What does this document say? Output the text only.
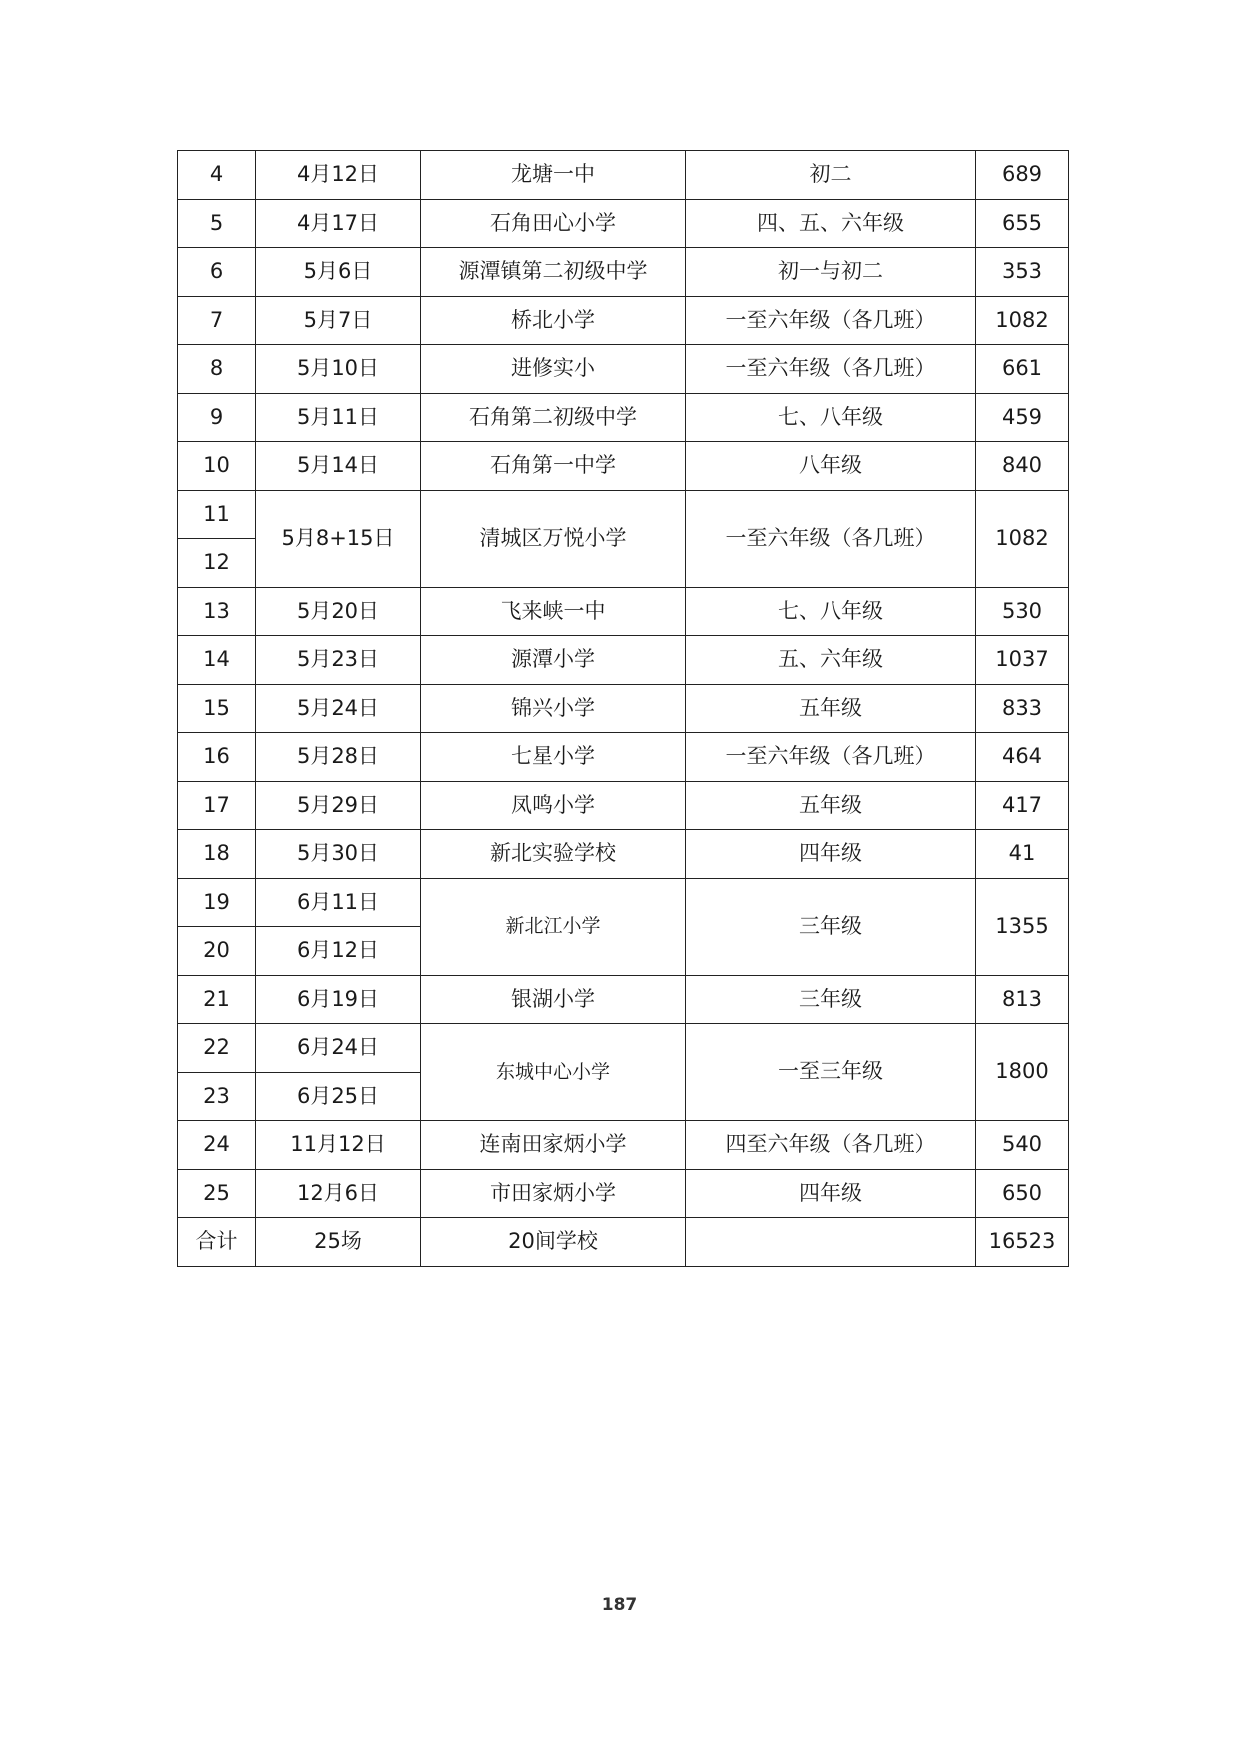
4	4月12日	龙塘一中	初二	689
5	4月17日	石角田心小学	四、五、六年级	655
6	5月6日	源潭镇第二初级中学	初一与初二	353
7	5月7日	桥北小学	一至六年级（各几班）	1082
8	5月10日	进修实小	一至六年级（各几班）	661
9	5月11日	石角第二初级中学	七、八年级	459
10	5月14日	石角第一中学	八年级	840
11	5月8+15日	清城区万悦小学	一至六年级（各几班）	1082
12				
13	5月20日	飞来峡一中	七、八年级	530
14	5月23日	源潭小学	五、六年级	1037
15	5月24日	锦兴小学	五年级	833
16	5月28日	七星小学	一至六年级（各几班）	464
17	5月29日	凤鸣小学	五年级	417
18	5月30日	新北实验学校	四年级	41
19	6月11日	新北江小学	三年级	1355
20	6月12日			
21	6月19日	银湖小学	三年级	813
22	6月24日	东城中心小学	一至三年级	1800
23	6月25日			
24	11月12日	连南田家炳小学	四至六年级（各几班）	540
25	12月6日	市田家炳小学	四年级	650
合计	25场	20间学校		16523
187
